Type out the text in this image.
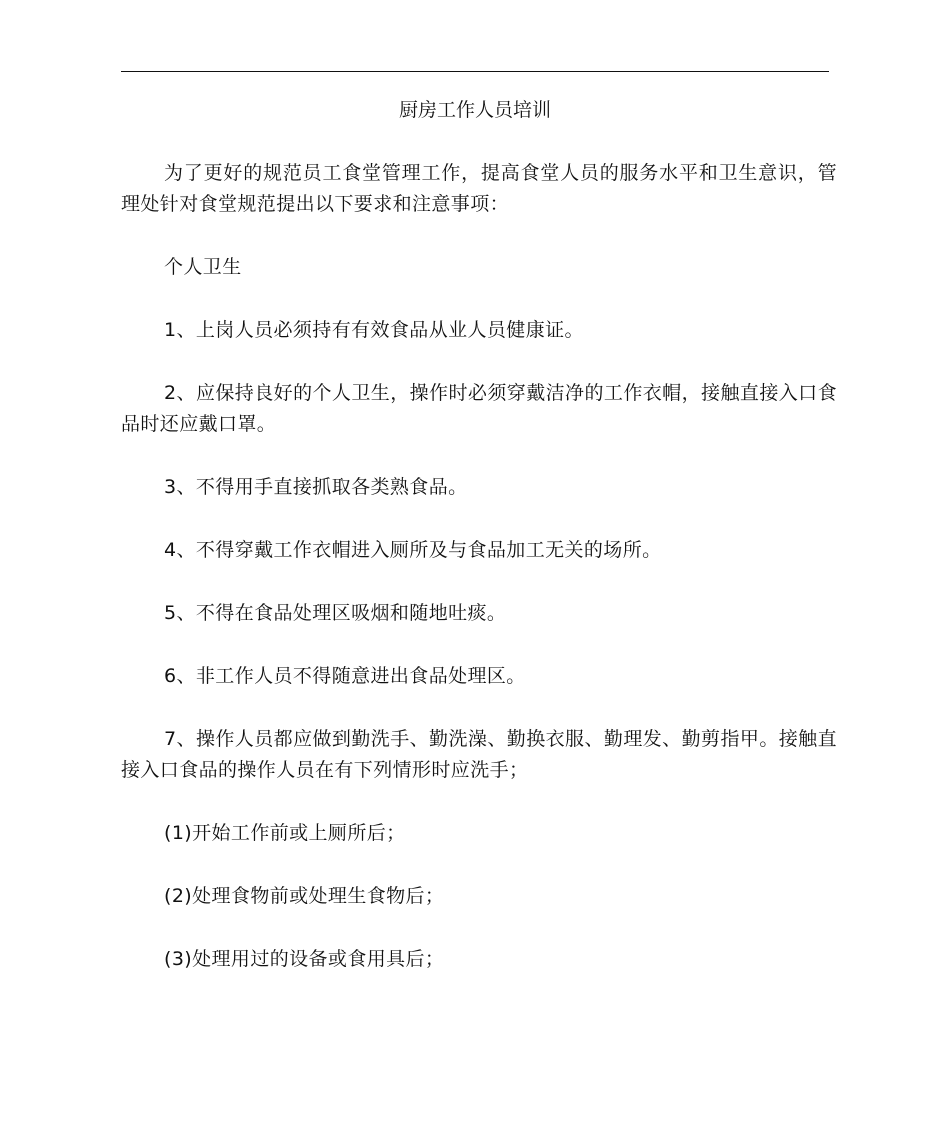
厨房工作人员培训

为了更好的规范员工食堂管理工作，提高食堂人员的服务水平和卫生意识，管理处针对食堂规范提出以下要求和注意事项：

个人卫生

1、上岗人员必须持有有效食品从业人员健康证。

2、应保持良好的个人卫生，操作时必须穿戴洁净的工作衣帽，接触直接入口食品时还应戴口罩。

3、不得用手直接抓取各类熟食品。

4、不得穿戴工作衣帽进入厕所及与食品加工无关的场所。

5、不得在食品处理区吸烟和随地吐痰。

6、非工作人员不得随意进出食品处理区。

7、操作人员都应做到勤洗手、勤洗澡、勤换衣服、勤理发、勤剪指甲。接触直接入口食品的操作人员在有下列情形时应洗手；

(1)开始工作前或上厕所后；

(2)处理食物前或处理生食物后；

(3)处理用过的设备或食用具后；
